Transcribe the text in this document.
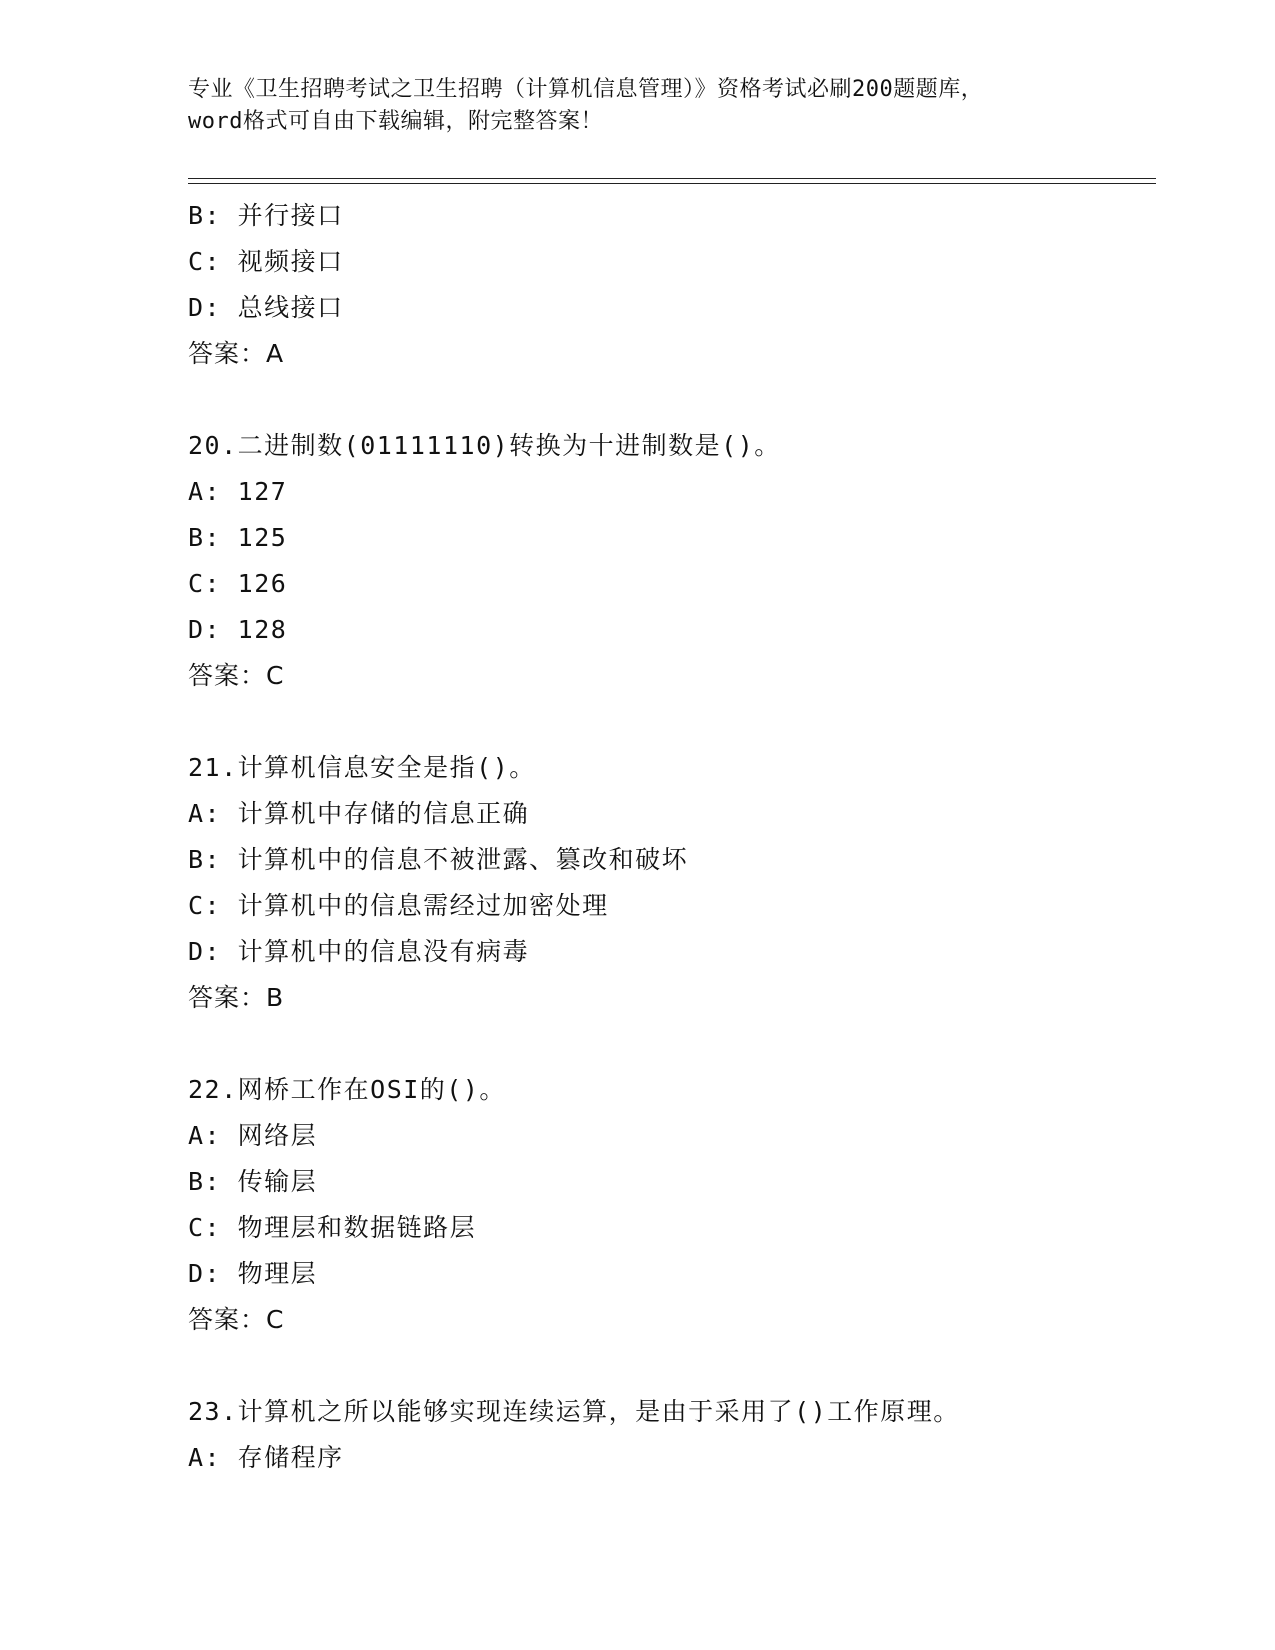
专业《卫生招聘考试之卫生招聘（计算机信息管理）》资格考试必刷200题题库，
word格式可自由下载编辑，附完整答案！
B: 并行接口
C: 视频接口
D: 总线接口
答案：A
20.二进制数(01111110)转换为十进制数是()。
A: 127
B: 125
C: 126
D: 128
答案：C
21.计算机信息安全是指()。
A: 计算机中存储的信息正确
B: 计算机中的信息不被泄露、篡改和破坏
C: 计算机中的信息需经过加密处理
D: 计算机中的信息没有病毒
答案：B
22.网桥工作在OSI的()。
A: 网络层
B: 传输层
C: 物理层和数据链路层
D: 物理层
答案：C
23.计算机之所以能够实现连续运算，是由于采用了()工作原理。
A: 存储程序
